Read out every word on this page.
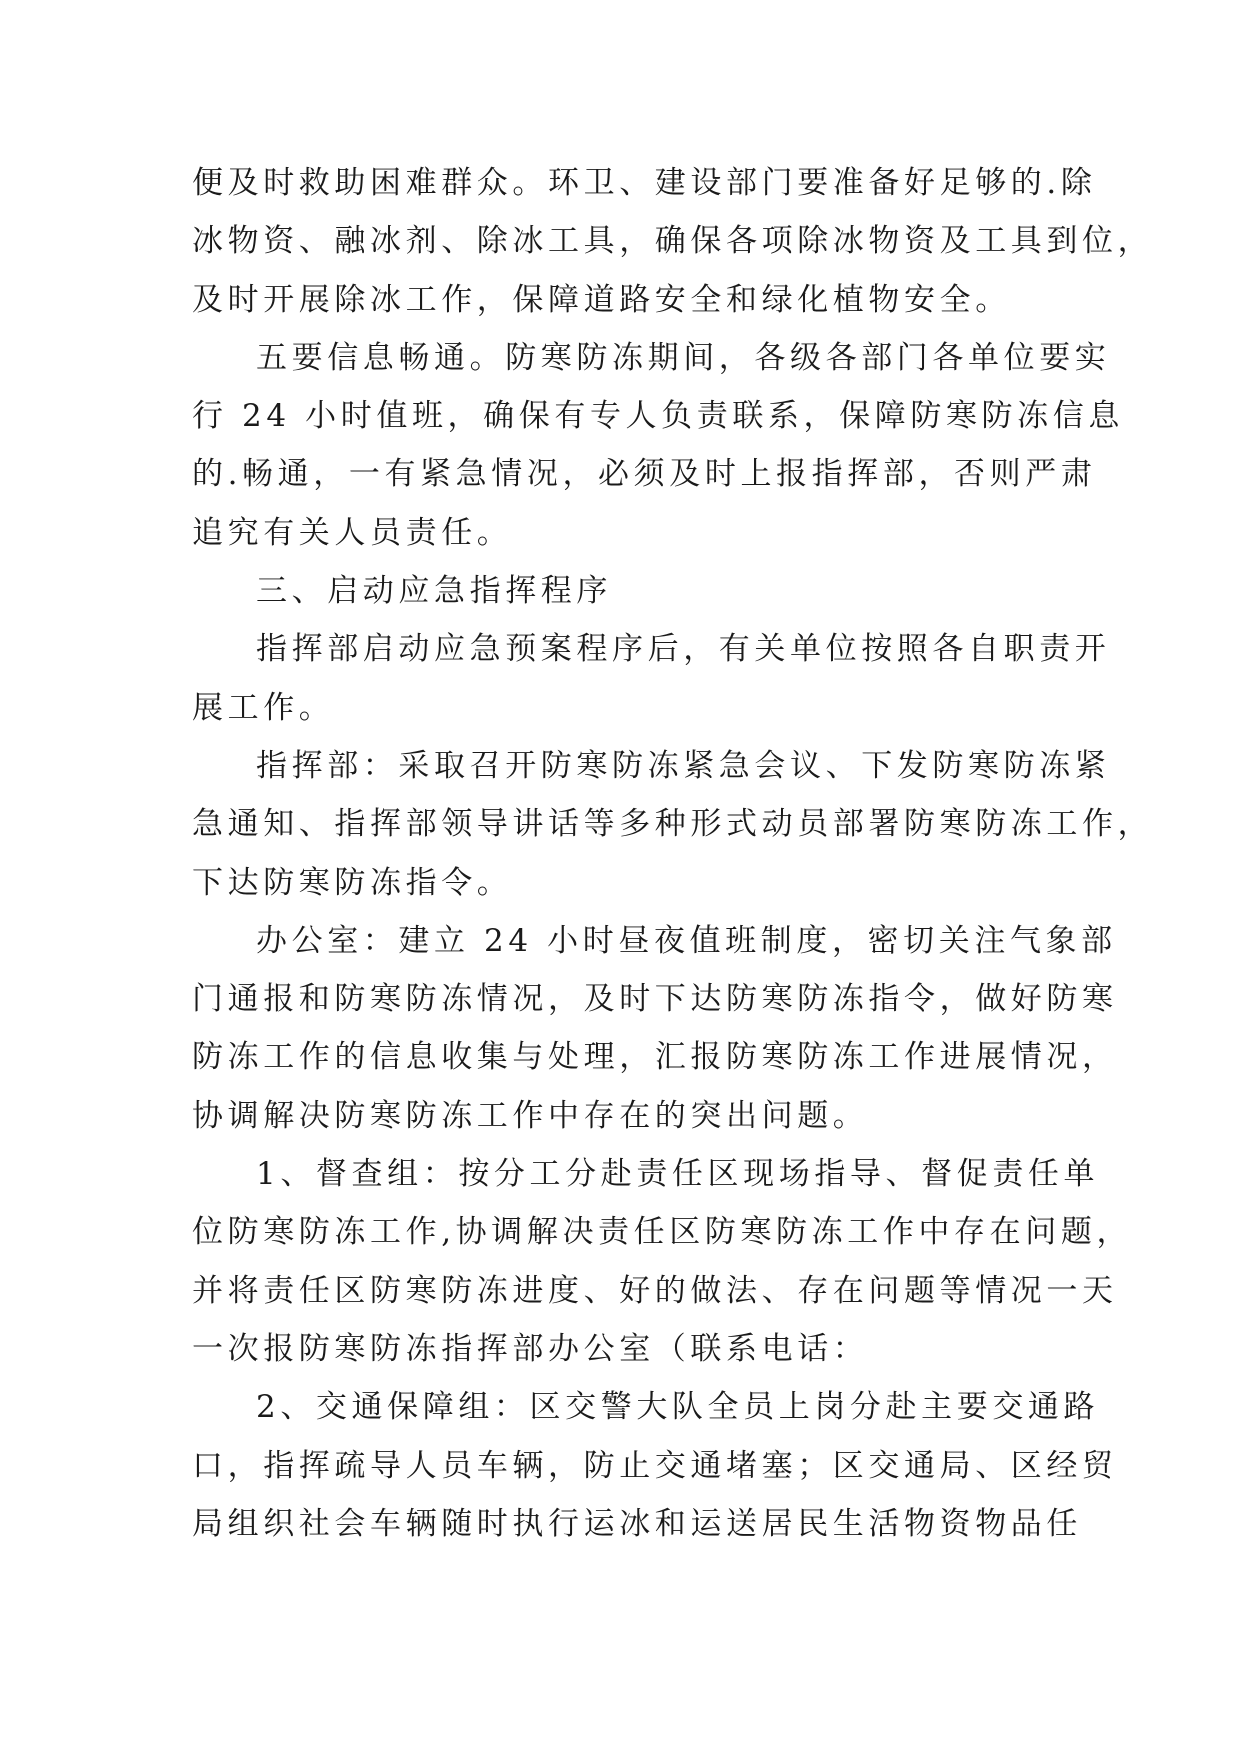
便及时救助困难群众。环卫、建设部门要准备好足够的.除
冰物资、融冰剂、除冰工具，确保各项除冰物资及工具到位，
及时开展除冰工作，保障道路安全和绿化植物安全。
五要信息畅通。防寒防冻期间，各级各部门各单位要实
行 24 小时值班，确保有专人负责联系，保障防寒防冻信息
的.畅通，一有紧急情况，必须及时上报指挥部，否则严肃
追究有关人员责任。
三、启动应急指挥程序
指挥部启动应急预案程序后，有关单位按照各自职责开
展工作。
指挥部：采取召开防寒防冻紧急会议、下发防寒防冻紧
急通知、指挥部领导讲话等多种形式动员部署防寒防冻工作，
下达防寒防冻指令。
办公室：建立 24 小时昼夜值班制度，密切关注气象部
门通报和防寒防冻情况，及时下达防寒防冻指令，做好防寒
防冻工作的信息收集与处理，汇报防寒防冻工作进展情况，
协调解决防寒防冻工作中存在的突出问题。
1、督查组：按分工分赴责任区现场指导、督促责任单
位防寒防冻工作,协调解决责任区防寒防冻工作中存在问题，
并将责任区防寒防冻进度、好的做法、存在问题等情况一天
一次报防寒防冻指挥部办公室（联系电话：
2、交通保障组：区交警大队全员上岗分赴主要交通路
口，指挥疏导人员车辆，防止交通堵塞；区交通局、区经贸
局组织社会车辆随时执行运冰和运送居民生活物资物品任
